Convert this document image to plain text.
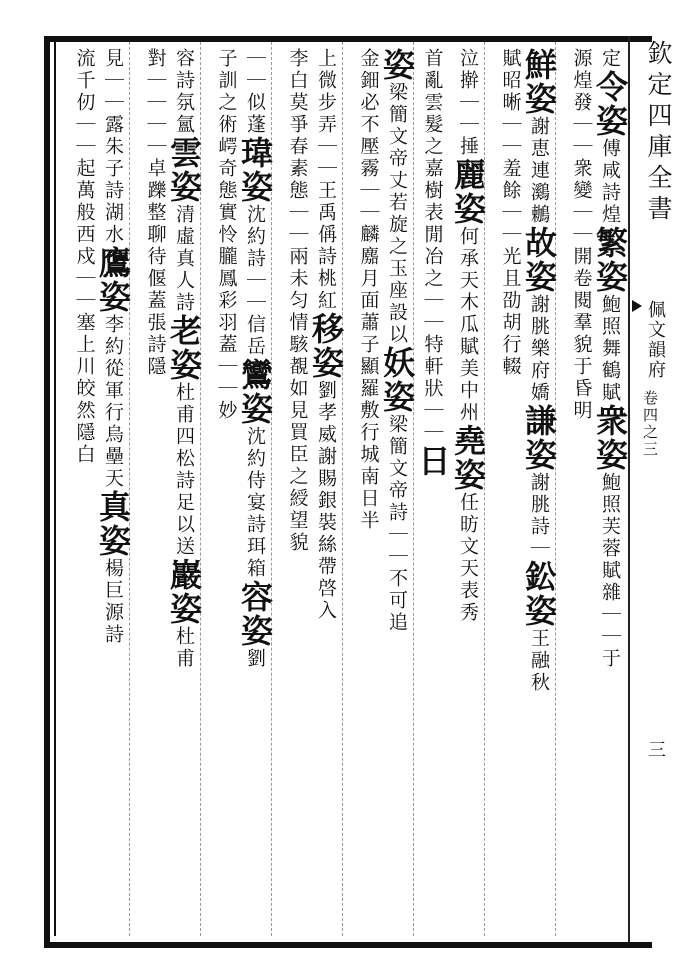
欽定四庫全書
佩文韻府
卷四之三
三
定令姿傅咸詩煌繁姿鮑照舞鶴賦衆姿鮑照芙蓉賦雜｜｜于
源煌發｜｜衆變｜｜開卷閱羣貌于昏明
鮮姿謝恵連鸂鶒故姿謝朓樂府嬌謙姿謝朓詩｜鈆姿王融秋
賦昭晰｜｜羞餘｜｜光且劭胡行輟
泣擀｜｜捶麗姿何承天木瓜賦美中州堯姿任昉文天表秀
首亂雲髮之嘉樹表閒冶之｜｜特軒狀｜｜日
姿梁簡文帝丈若旋之玉座設以妖姿梁簡文帝詩｜｜不可追
金鈿必不壓霧｜｜麟䴥月面蕭子顯羅敷行城南日半
上微步弄｜｜王禹偁詩桃紅移姿劉孝威謝賜銀裝絲帶啓入
李白莫爭春素態｜｜兩未匀情駭覩如見買臣之綬望貌
｜｜似蓬瑋姿沈約詩｜｜信岳鸞姿沈約侍宴詩珥箱容姿劉
子訓之術崿奇態實怜朧鳳彩羽蓋｜｜妙
容詩氛氳雲姿清虛真人詩老姿杜甫四松詩足以送巖姿杜甫
對｜｜｜｜卓躒整聊待偃蓋張詩隱
見｜｜露朱子詩湖水鷹姿李約從軍行烏壘天真姿楊巨源詩
流千仞｜｜起萬般西戍｜｜塞上川皎然隱白
